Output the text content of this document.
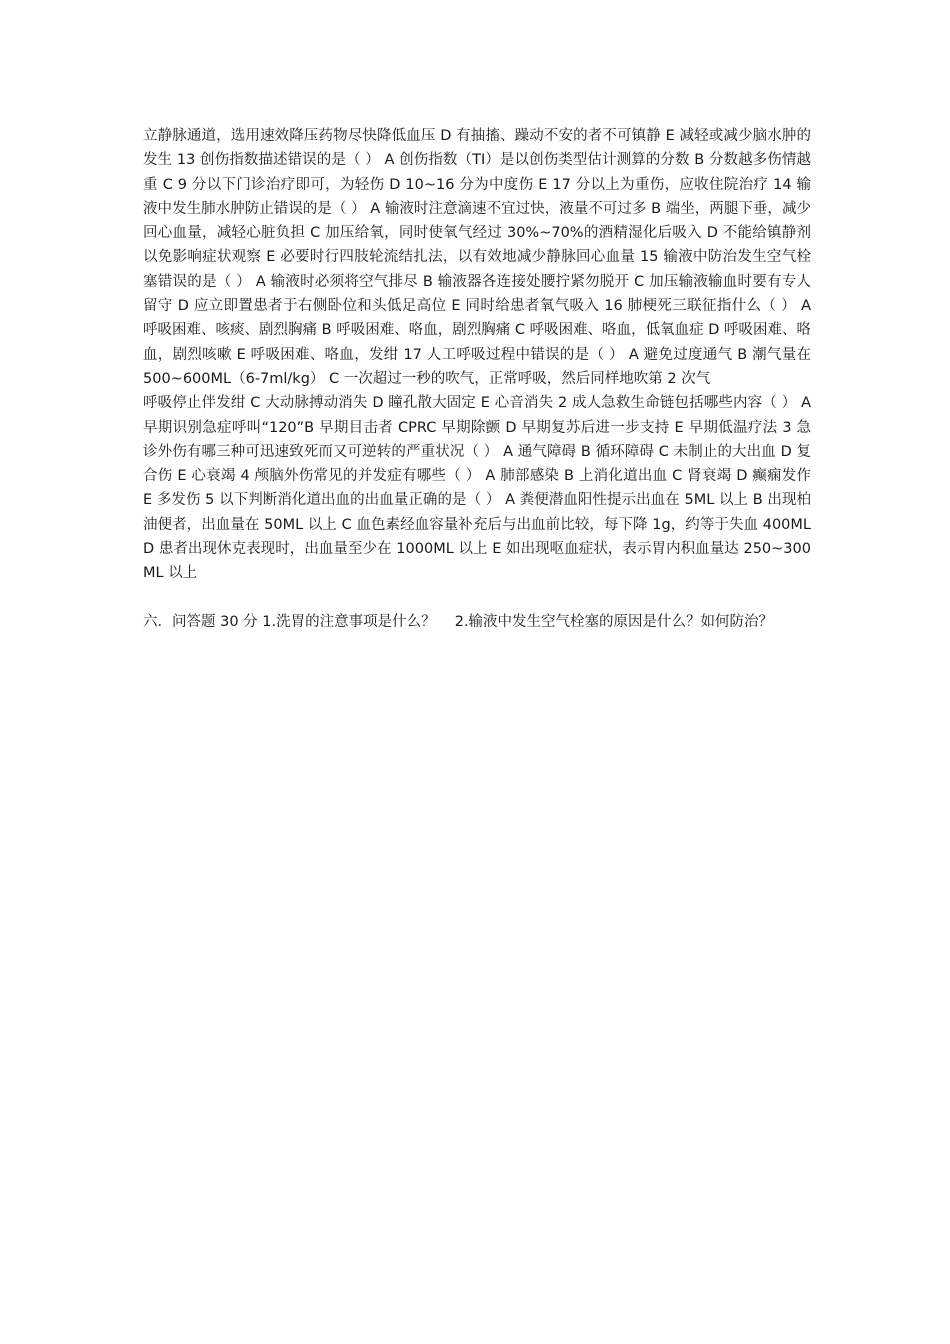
立静脉通道，选用速效降压药物尽快降低血压 D 有抽搐、躁动不安的者不可镇静 E 减轻或减少脑水肿的发生 13 创伤指数描述错误的是（ ） A 创伤指数（TI）是以创伤类型估计测算的分数 B 分数越多伤情越重 C 9 分以下门诊治疗即可，为轻伤 D 10~16 分为中度伤 E 17 分以上为重伤，应收住院治疗 14 输液中发生肺水肿防止错误的是（ ） A 输液时注意滴速不宜过快，液量不可过多 B 端坐，两腿下垂，减少回心血量，减轻心脏负担 C 加压给氧，同时使氧气经过 30%~70%的酒精湿化后吸入 D 不能给镇静剂以免影响症状观察 E 必要时行四肢轮流结扎法，以有效地减少静脉回心血量 15 输液中防治发生空气栓塞错误的是（ ） A 输液时必须将空气排尽 B 输液器各连接处腰拧紧勿脱开 C 加压输液输血时要有专人留守 D 应立即置患者于右侧卧位和头低足高位 E 同时给患者氧气吸入 16 肺梗死三联征指什么（ ） A 呼吸困难、咳痰、剧烈胸痛 B 呼吸困难、咯血，剧烈胸痛 C 呼吸困难、咯血，低氧血症 D 呼吸困难、咯血，剧烈咳嗽 E 呼吸困难、咯血，发绀 17 人工呼吸过程中错误的是（ ） A 避免过度通气 B 潮气量在 500~600ML（6-7ml/kg） C 一次超过一秒的吹气，正常呼吸，然后同样地吹第 2 次气

呼吸停止伴发绀 C 大动脉搏动消失 D 瞳孔散大固定 E 心音消失 2 成人急救生命链包括哪些内容（ ） A 早期识别急症呼叫“120”B 早期目击者 CPRC 早期除颤 D 早期复苏后进一步支持 E 早期低温疗法 3 急诊外伤有哪三种可迅速致死而又可逆转的严重状况（ ） A 通气障碍 B 循环障碍 C 未制止的大出血 D 复合伤 E 心衰竭 4 颅脑外伤常见的并发症有哪些（ ） A 肺部感染 B 上消化道出血 C 肾衰竭 D 癫痫发作 E 多发伤 5 以下判断消化道出血的出血量正确的是（ ） A 粪便潜血阳性提示出血在 5ML 以上 B 出现柏油便者，出血量在 50ML 以上 C 血色素经血容量补充后与出血前比较，每下降 1g，约等于失血 400MLD 患者出现休克表现时，出血量至少在 1000ML 以上 E 如出现呕血症状，表示胃内积血量达 250~300ML 以上

六．问答题 30 分 1.洗胃的注意事项是什么？　 2.输液中发生空气栓塞的原因是什么？如何防治？
